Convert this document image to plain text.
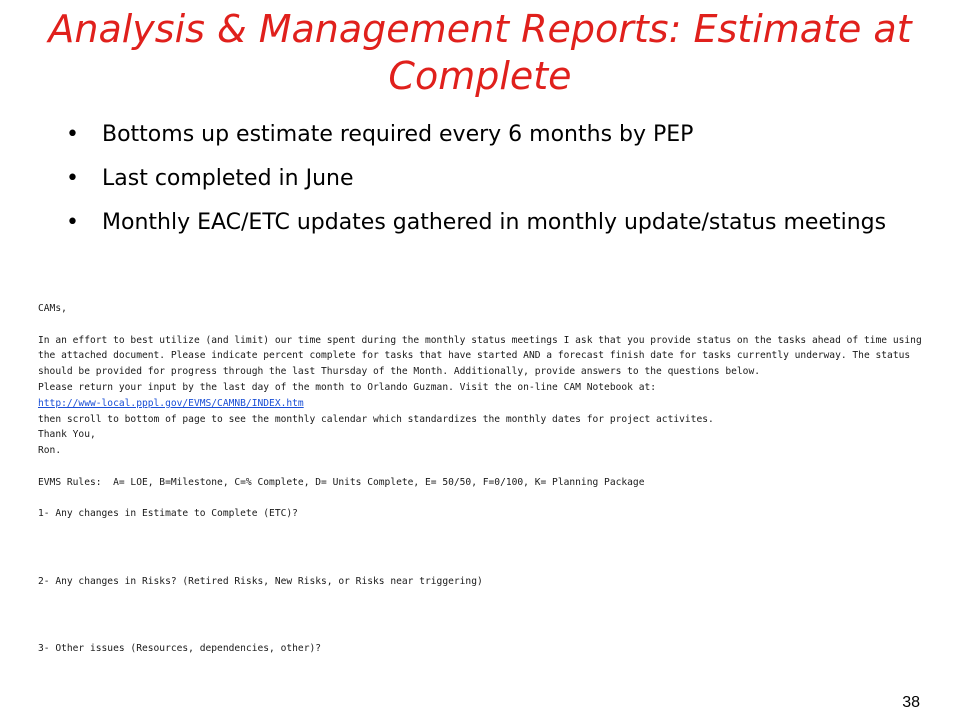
Analysis & Management Reports: Estimate at Complete
• Bottoms up estimate required every 6 months by PEP
• Last completed in June
• Monthly EAC/ETC updates gathered in monthly update/status meetings
CAMs,
In an effort to best utilize (and limit) our time spent during the monthly status meetings I ask that you provide status on the tasks ahead of time using
the attached document. Please indicate percent complete for tasks that have started AND a forecast finish date for tasks currently underway. The status
should be provided for progress through the last Thursday of the Month. Additionally, provide answers to the questions below.
Please return your input by the last day of the month to Orlando Guzman. Visit the on-line CAM Notebook at:
http://www-local.pppl.gov/EVMS/CAMNB/INDEX.htm
then scroll to bottom of page to see the monthly calendar which standardizes the monthly dates for project activites.
Thank You,
Ron.
EVMS Rules:  A= LOE, B=Milestone, C=% Complete, D= Units Complete, E= 50/50, F=0/100, K= Planning Package
1- Any changes in Estimate to Complete (ETC)?
2- Any changes in Risks? (Retired Risks, New Risks, or Risks near triggering)
3- Other issues (Resources, dependencies, other)?
38
